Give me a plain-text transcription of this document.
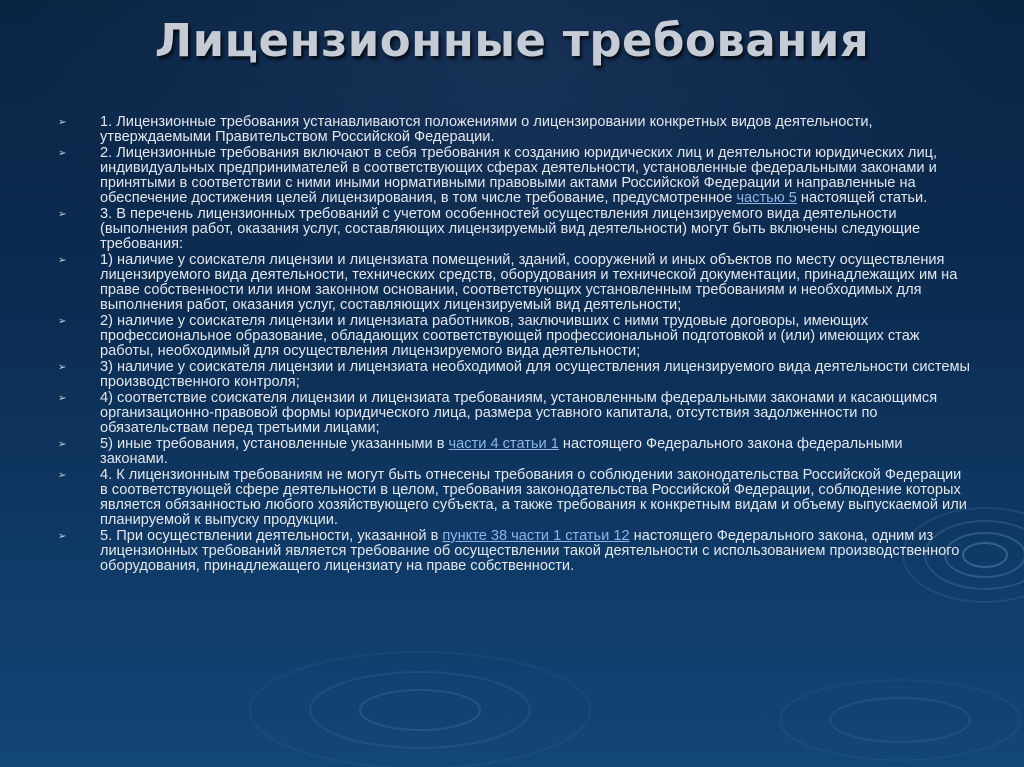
Лицензионные требования
➢ 1. Лицензионные требования устанавливаются положениями о лицензировании конкретных видов деятельности, утверждаемыми Правительством Российской Федерации.
➢ 2. Лицензионные требования включают в себя требования к созданию юридических лиц и деятельности юридических лиц, индивидуальных предпринимателей в соответствующих сферах деятельности, установленные федеральными законами и принятыми в соответствии с ними иными нормативными правовыми актами Российской Федерации и направленные на обеспечение достижения целей лицензирования, в том числе требование, предусмотренное частью 5 настоящей статьи.
➢ 3. В перечень лицензионных требований с учетом особенностей осуществления лицензируемого вида деятельности (выполнения работ, оказания услуг, составляющих лицензируемый вид деятельности) могут быть включены следующие требования:
➢ 1) наличие у соискателя лицензии и лицензиата помещений, зданий, сооружений и иных объектов по месту осуществления лицензируемого вида деятельности, технических средств, оборудования и технической документации, принадлежащих им на праве собственности или ином законном основании, соответствующих установленным требованиям и необходимых для выполнения работ, оказания услуг, составляющих лицензируемый вид деятельности;
➢ 2) наличие у соискателя лицензии и лицензиата работников, заключивших с ними трудовые договоры, имеющих профессиональное образование, обладающих соответствующей профессиональной подготовкой и (или) имеющих стаж работы, необходимый для осуществления лицензируемого вида деятельности;
➢ 3) наличие у соискателя лицензии и лицензиата необходимой для осуществления лицензируемого вида деятельности системы производственного контроля;
➢ 4) соответствие соискателя лицензии и лицензиата требованиям, установленным федеральными законами и касающимся организационно-правовой формы юридического лица, размера уставного капитала, отсутствия задолженности по обязательствам перед третьими лицами;
➢ 5) иные требования, установленные указанными в части 4 статьи 1 настоящего Федерального закона федеральными законами.
➢ 4. К лицензионным требованиям не могут быть отнесены требования о соблюдении законодательства Российской Федерации в соответствующей сфере деятельности в целом, требования законодательства Российской Федерации, соблюдение которых является обязанностью любого хозяйствующего субъекта, а также требования к конкретным видам и объему выпускаемой или планируемой к выпуску продукции.
➢ 5. При осуществлении деятельности, указанной в пункте 38 части 1 статьи 12 настоящего Федерального закона, одним из лицензионных требований является требование об осуществлении такой деятельности с использованием производственного оборудования, принадлежащего лицензиату на праве собственности.
